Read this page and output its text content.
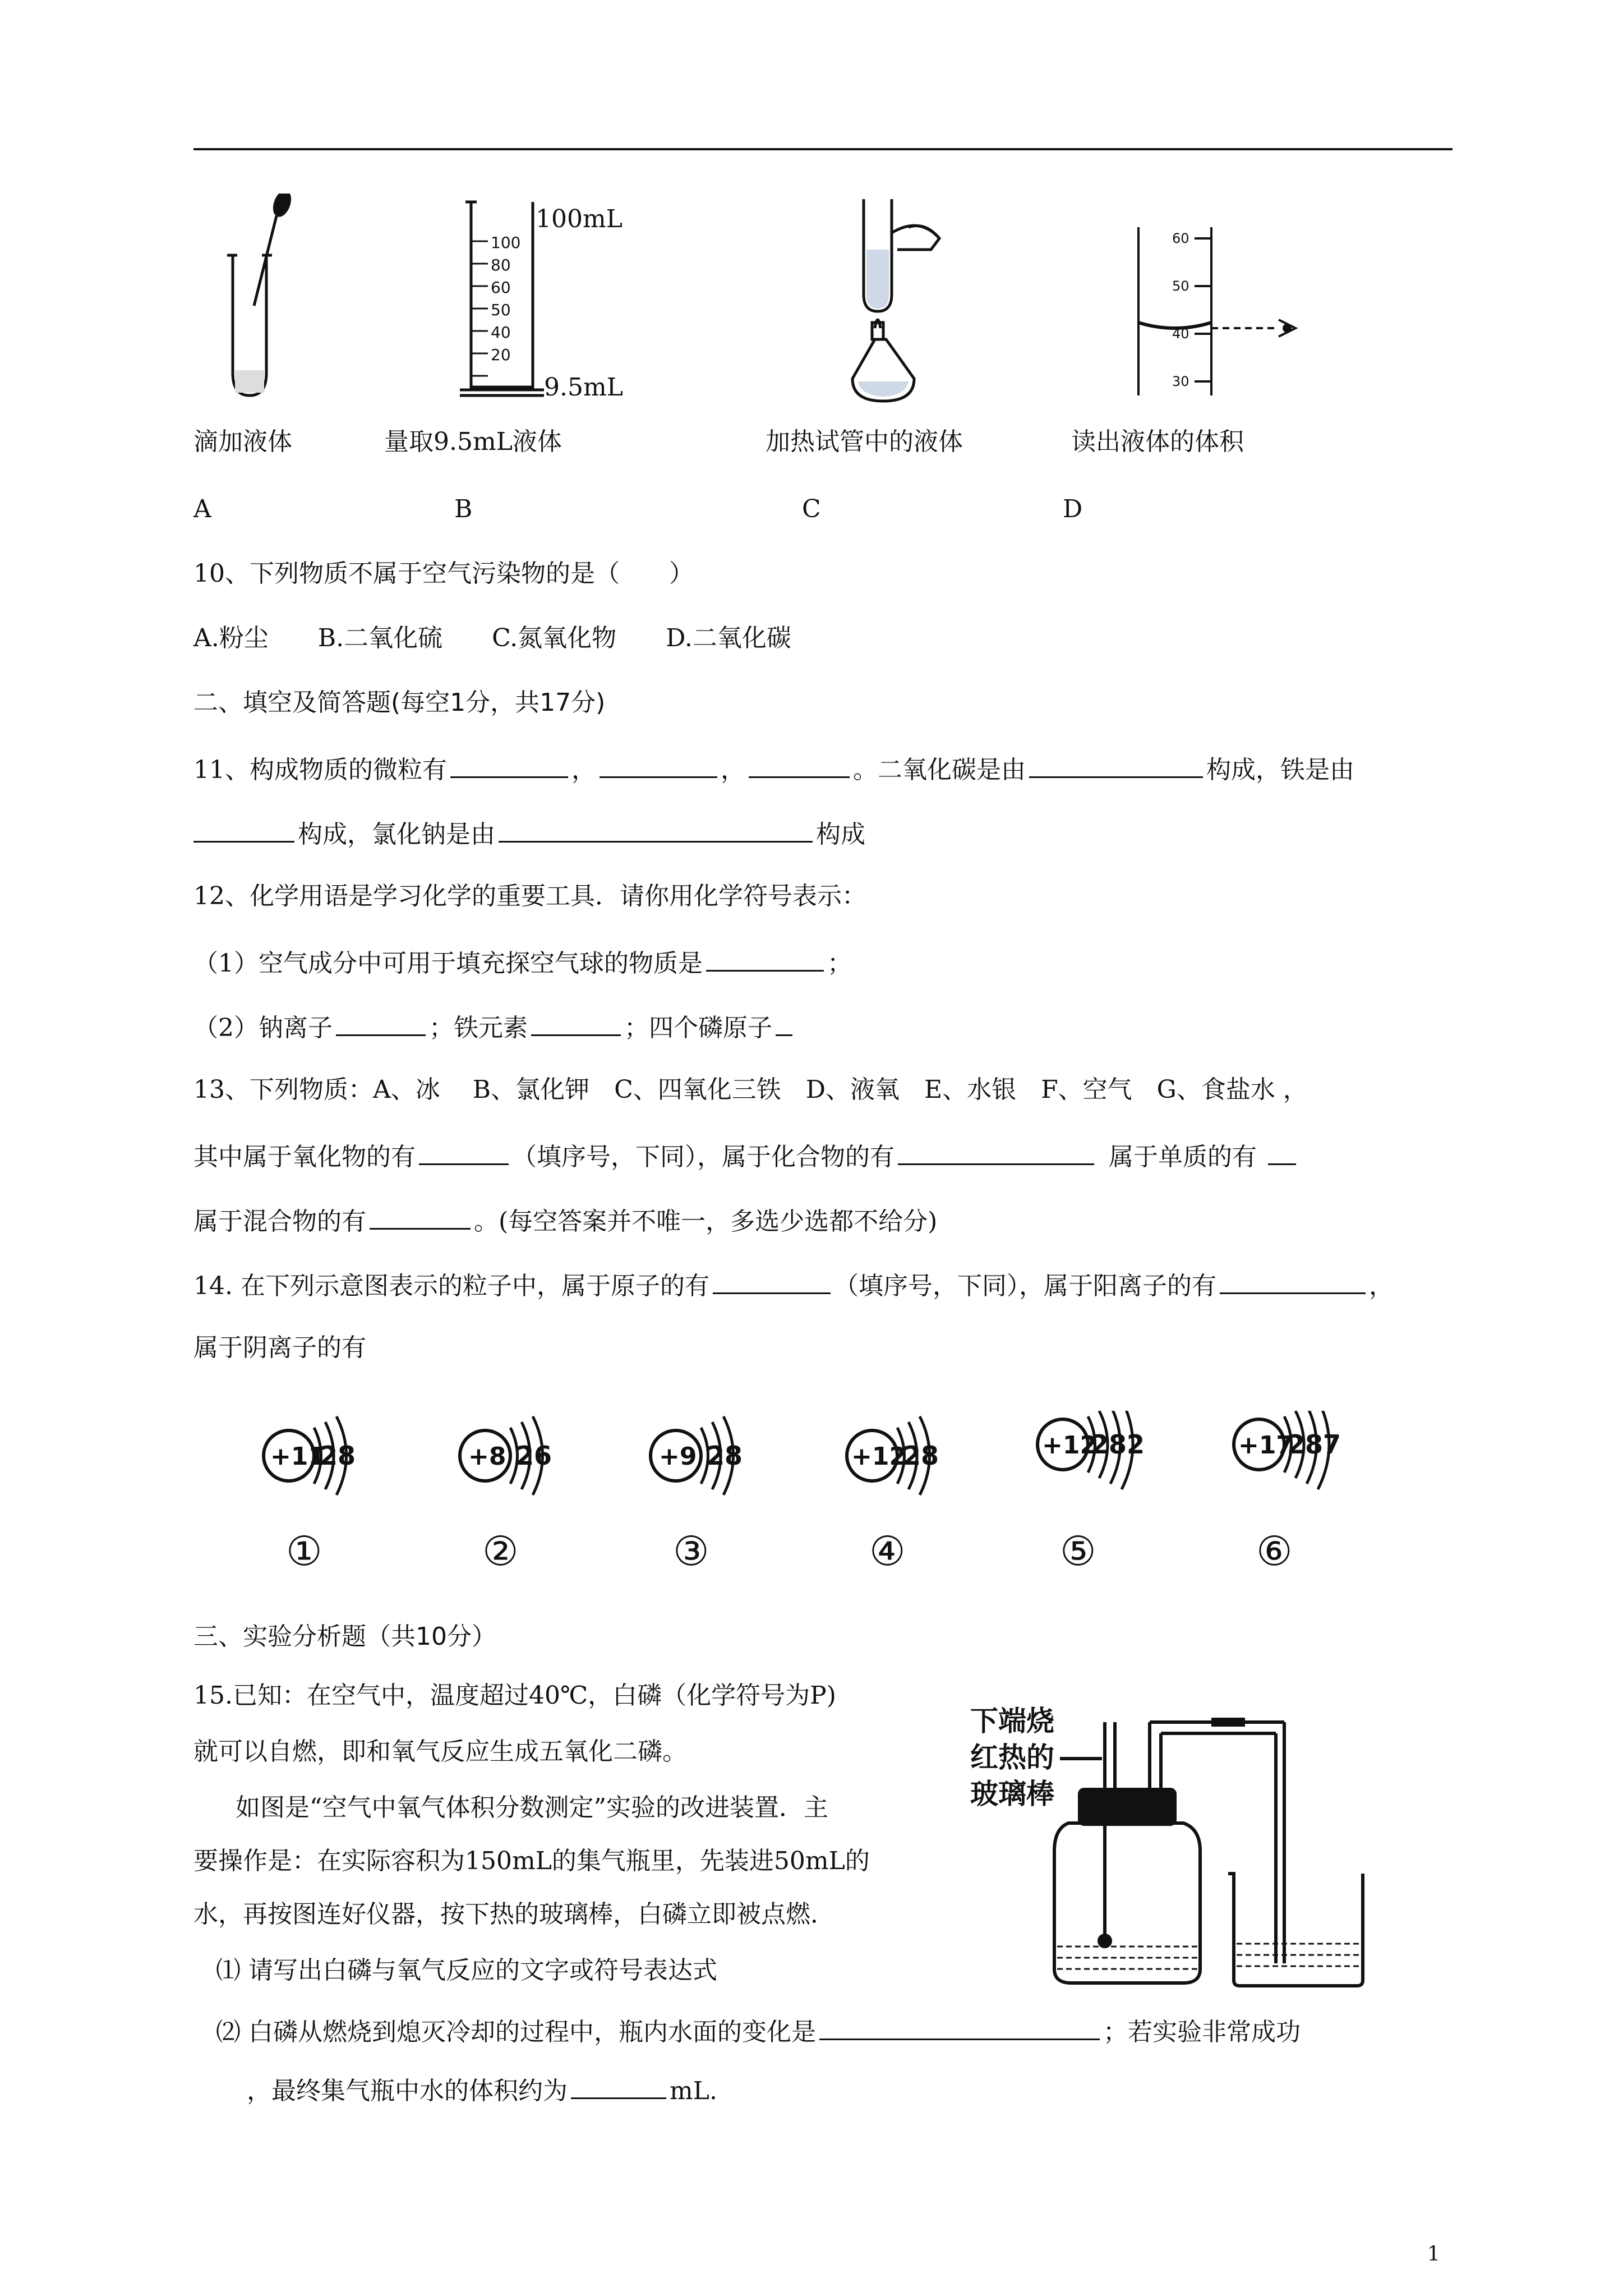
100
80
60
50
40
20
100mL
9.5mL
60
50
40
30
滴加液体	量取9.5mL液体	加热试管中的液体	读出液体的体积
A	B	C	D
10、下列物质不属于空气污染物的是（　　）
A.粉尘　　B.二氧化硫　　C.氮氧化物　　D.二氧化碳
二、填空及简答题(每空1分，共17分)
11、构成物质的微粒有	，	，	。二氧化碳是由	构成，铁是由
构成，氯化钠是由	构成
12、化学用语是学习化学的重要工具．请你用化学符号表示：
（1）空气成分中可用于填充探空气球的物质是	；
（2）钠离子	；铁元素	；四个磷原子
13、下列物质：A、冰　 B、氯化钾　C、四氧化三铁　D、液氧　E、水银　F、空气　G、食盐水 ，
其中属于氧化物的有	（填序号，下同），属于化合物的有	属于单质的有
属于混合物的有	。(每空答案并不唯一，多选少选都不给分)
14. 在下列示意图表示的粒子中，属于原子的有	（填序号，下同），属于阳离子的有	，
属于阴离子的有
+11
28
①
+8 26
②
+9 28
③
+12
28
④
+12
282
⑤
+17
287
⑥
三、实验分析题（共10分）
15.已知：在空气中，温度超过40℃，白磷（化学符号为P)
就可以自燃，即和氧气反应生成五氧化二磷。
如图是“空气中氧气体积分数测定”实验的改进装置．主
要操作是：在实际容积为150mL的集气瓶里，先装进50mL的
水，再按图连好仪器，按下热的玻璃棒，白磷立即被点燃．
⑴ 请写出白磷与氧气反应的文字或符号表达式
⑵ 白磷从燃烧到熄灭冷却的过程中，瓶内水面的变化是	；若实验非常成功
，最终集气瓶中水的体积约为	mL.
下端烧
红热的
玻璃棒
1
